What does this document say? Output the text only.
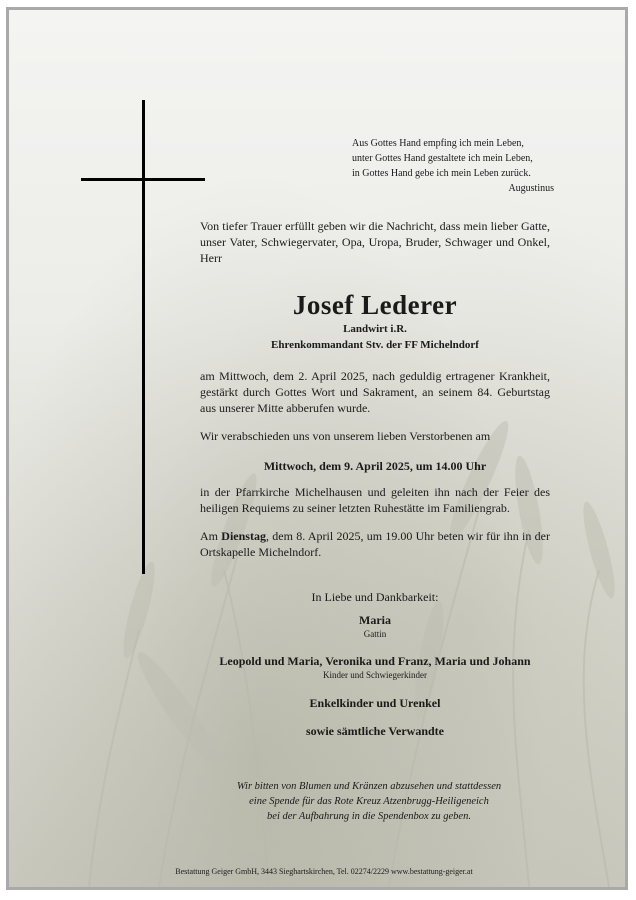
Aus Gottes Hand empfing ich mein Leben,
unter Gottes Hand gestaltete ich mein Leben,
in Gottes Hand gebe ich mein Leben zurück.
Augustinus
Von tiefer Trauer erfüllt geben wir die Nachricht, dass mein lieber Gatte, unser Vater, Schwiegervater, Opa, Uropa, Bruder, Schwager und Onkel, Herr
Josef Lederer
Landwirt i.R.
Ehrenkommandant Stv. der FF Michelndorf
am Mittwoch, dem 2. April 2025, nach geduldig ertragener Krankheit, gestärkt durch Gottes Wort und Sakrament, an seinem 84. Geburtstag aus unserer Mitte abberufen wurde.
Wir verabschieden uns von unserem lieben Verstorbenen am
Mittwoch, dem 9. April 2025, um 14.00 Uhr
in der Pfarrkirche Michelhausen und geleiten ihn nach der Feier des heiligen Requiems zu seiner letzten Ruhestätte im Familiengrab.
Am Dienstag, dem 8. April 2025, um 19.00 Uhr beten wir für ihn in der Ortskapelle Michelndorf.
In Liebe und Dankbarkeit:
Maria
Gattin
Leopold und Maria, Veronika und Franz, Maria und Johann
Kinder und Schwiegerkinder
Enkelkinder und Urenkel
sowie sämtliche Verwandte
Wir bitten von Blumen und Kränzen abzusehen und stattdessen
eine Spende für das Rote Kreuz Atzenbrugg-Heiligeneich
bei der Aufbahrung in die Spendenbox zu geben.
Bestattung Geiger GmbH, 3443 Sieghartskirchen, Tel. 02274/2229 www.bestattung-geiger.at
